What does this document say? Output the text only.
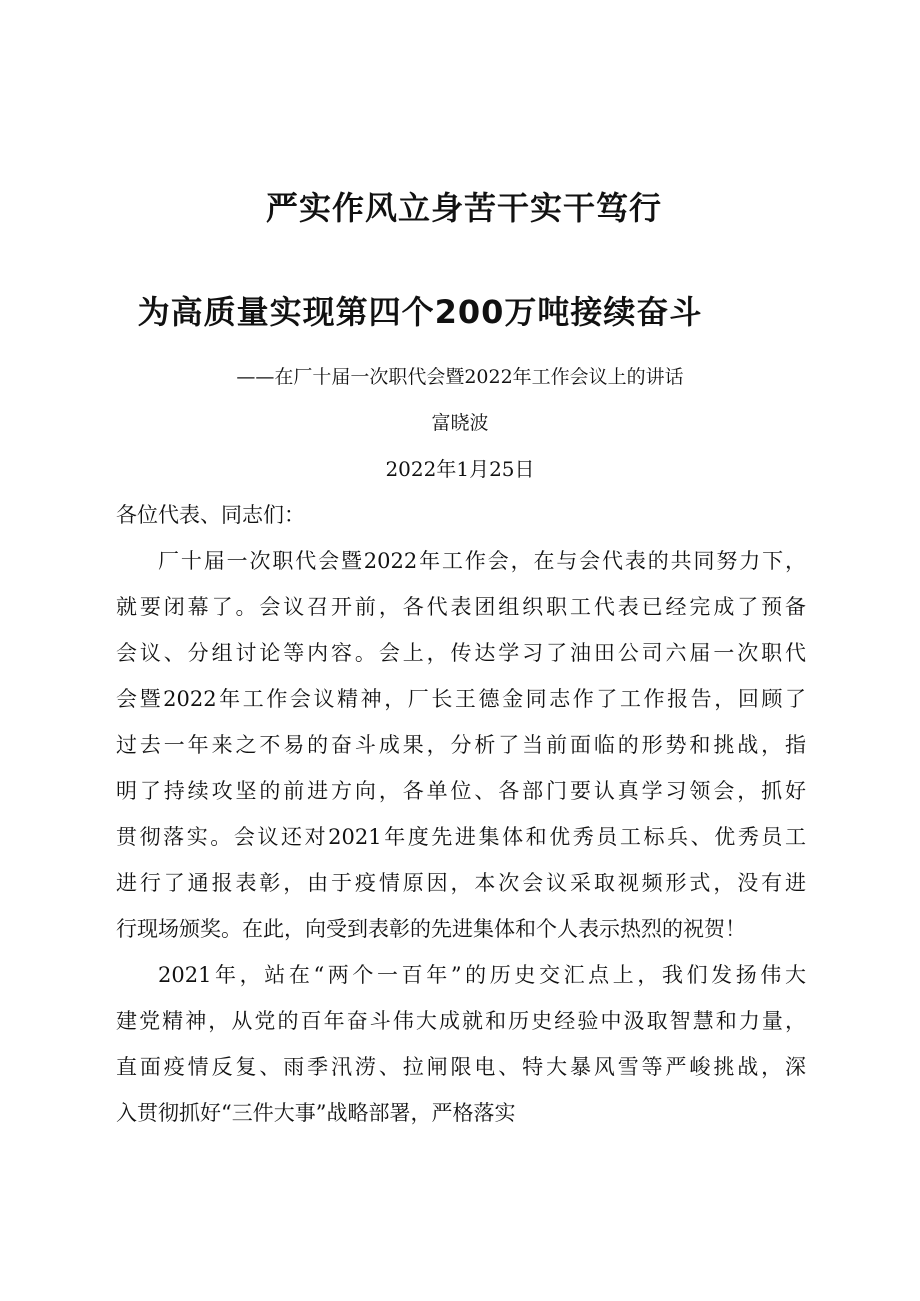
严实作风立身苦干实干笃行
为高质量实现第四个200万吨接续奋斗
——在厂十届一次职代会暨2022年工作会议上的讲话
富晓波
2022年1月25日
各位代表、同志们：
厂十届一次职代会暨2022年工作会，在与会代表的共同努力下，
就要闭幕了。会议召开前，各代表团组织职工代表已经完成了预备
会议、分组讨论等内容。会上，传达学习了油田公司六届一次职代
会暨2022年工作会议精神，厂长王德金同志作了工作报告，回顾了
过去一年来之不易的奋斗成果，分析了当前面临的形势和挑战，指
明了持续攻坚的前进方向，各单位、各部门要认真学习领会，抓好
贯彻落实。会议还对2021年度先进集体和优秀员工标兵、优秀员工
进行了通报表彰，由于疫情原因，本次会议采取视频形式，没有进
行现场颁奖。在此，向受到表彰的先进集体和个人表示热烈的祝贺！
2021年，站在“两个一百年”的历史交汇点上，我们发扬伟大
建党精神，从党的百年奋斗伟大成就和历史经验中汲取智慧和力量，
直面疫情反复、雨季汛涝、拉闸限电、特大暴风雪等严峻挑战，深
入贯彻抓好“三件大事”战略部署，严格落实
